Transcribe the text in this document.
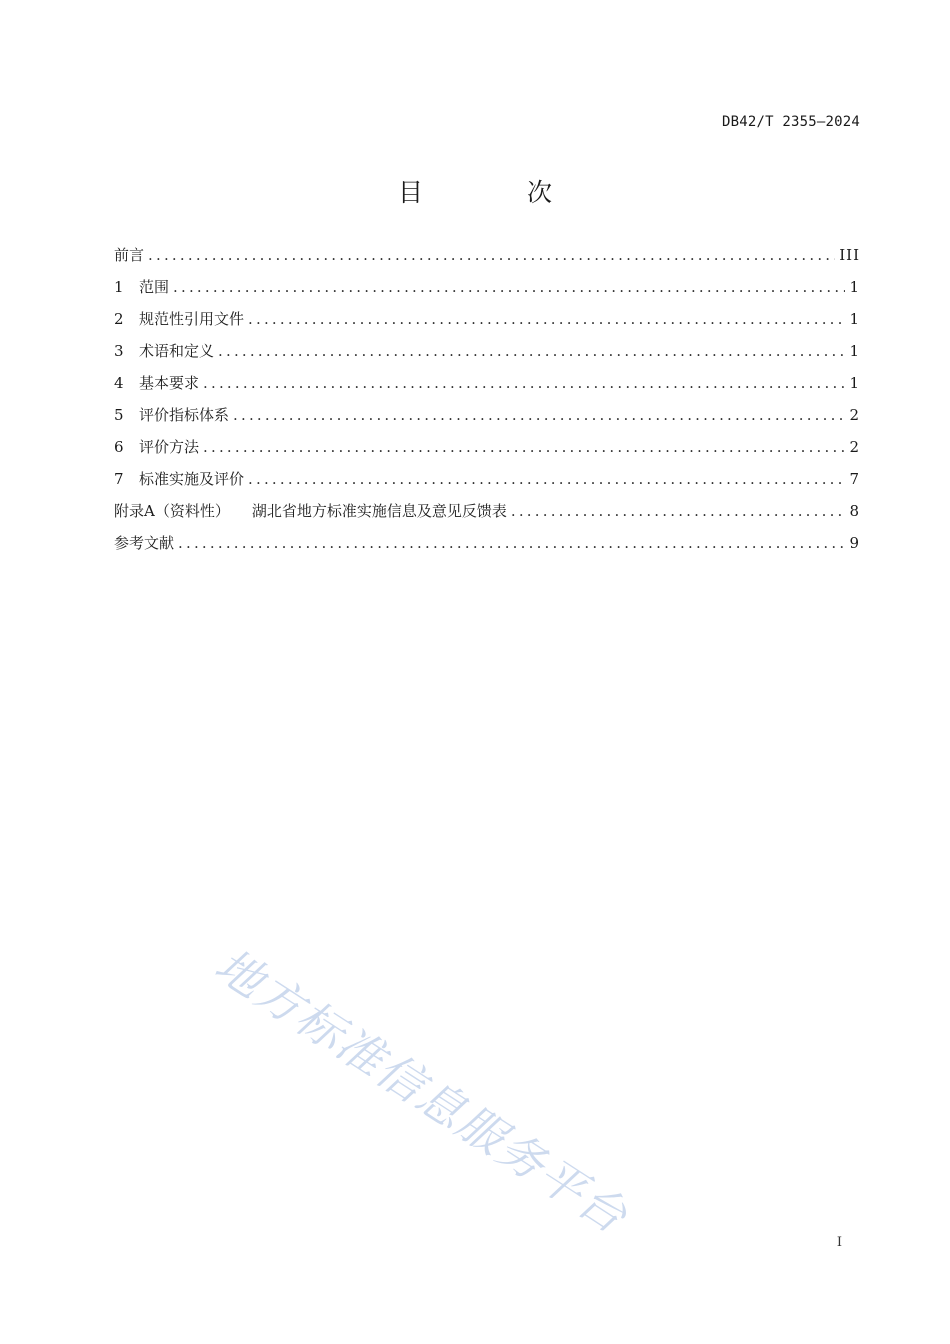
DB42/T 2355—2024
目 次
前言 .....	III
1	范围 .....	1
2	规范性引用文件 .....	1
3	术语和定义 .....	1
4	基本要求 .....	1
5	评价指标体系 .....	2
6	评价方法 .....	2
7	标准实施及评价 .....	7
附录A（资料性） 湖北省地方标准实施信息及意见反馈表 .....	8
参考文献 .....	9
地方标准信息服务平台	I
